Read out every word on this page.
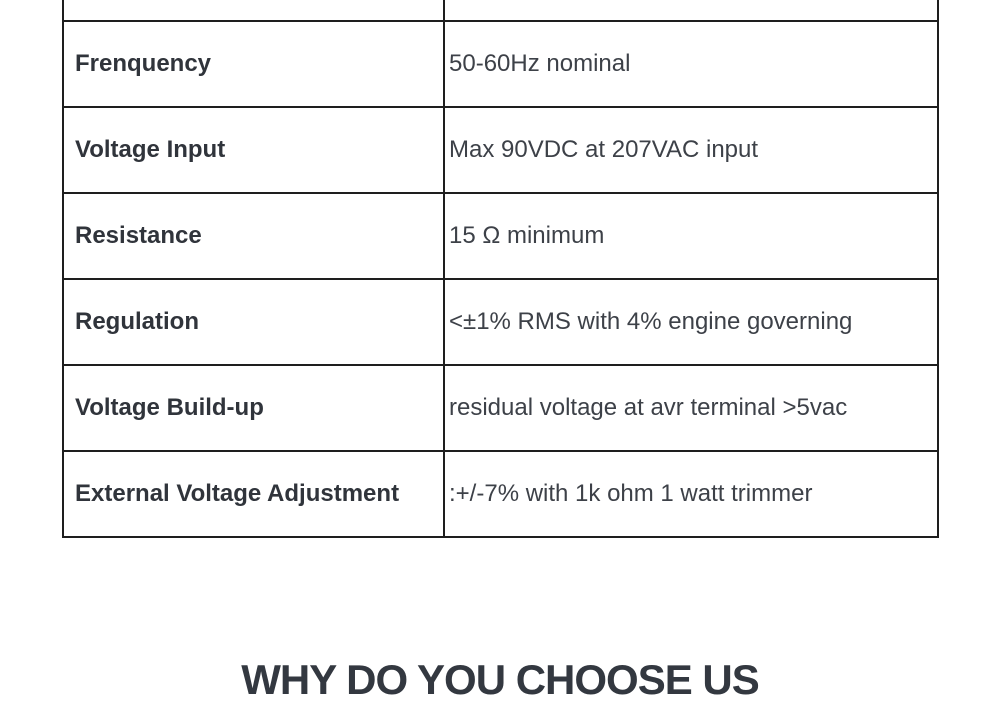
Frenquency	50-60Hz nominal
Voltage Input	Max 90VDC at 207VAC input
Resistance	15 Ω minimum
Regulation	<±1% RMS with 4% engine governing
Voltage Build-up	residual voltage at avr terminal >5vac
External Voltage Adjustment	:+/-7% with 1k ohm 1 watt trimmer
WHY DO YOU CHOOSE US
